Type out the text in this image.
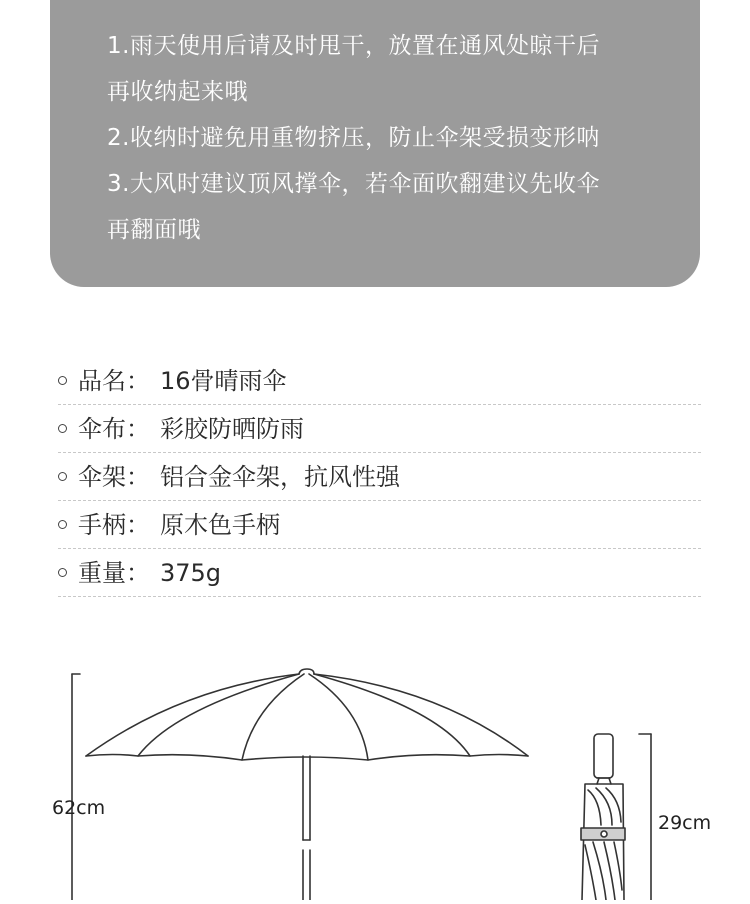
1.雨天使用后请及时甩干，放置在通风处晾干后
再收纳起来哦
2.收纳时避免用重物挤压，防止伞架受损变形呐
3.大风时建议顶风撑伞，若伞面吹翻建议先收伞
再翻面哦
品名： 16骨晴雨伞
伞布： 彩胶防晒防雨
伞架： 铝合金伞架，抗风性强
手柄： 原木色手柄
重量： 375g
62cm
29cm
